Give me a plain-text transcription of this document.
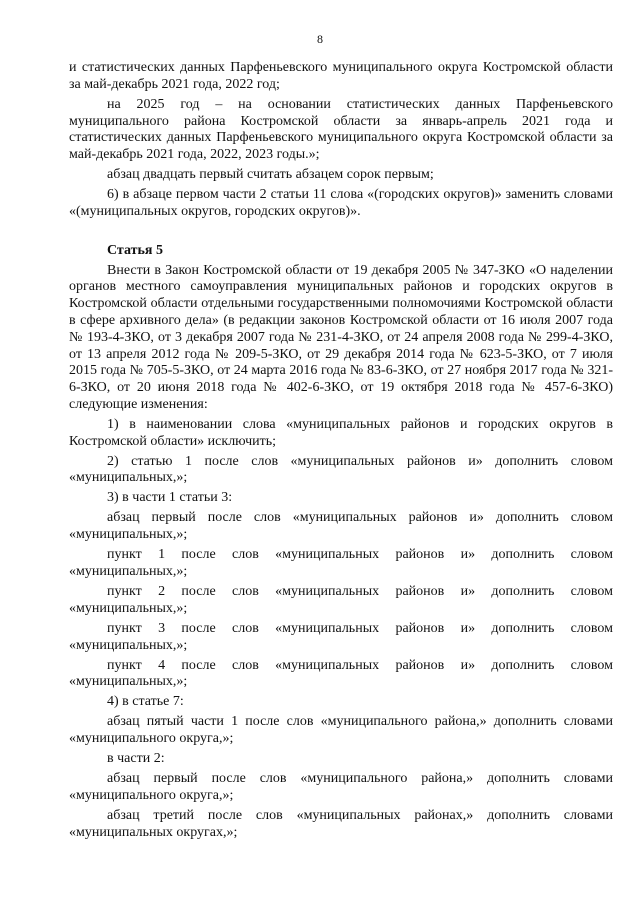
8

и статистических данных Парфеньевского муниципального округа Костромской области за май-декабрь 2021 года, 2022 год;

на 2025 год – на основании статистических данных Парфеньевского муниципального района Костромской области за январь-апрель 2021 года и статистических данных Парфеньевского муниципального округа Костромской области за май-декабрь 2021 года, 2022, 2023 годы.»;

абзац двадцать первый считать абзацем сорок первым;

6) в абзаце первом части 2 статьи 11 слова «(городских округов)» заменить словами «(муниципальных округов, городских округов)».

Статья 5

Внести в Закон Костромской области от 19 декабря 2005 № 347-ЗКО «О наделении органов местного самоуправления муниципальных районов и городских округов в Костромской области отдельными государственными полномочиями Костромской области в сфере архивного дела» (в редакции законов Костромской области от 16 июля 2007 года № 193-4-ЗКО, от 3 декабря 2007 года № 231-4-ЗКО, от 24 апреля 2008 года № 299-4-ЗКО, от 13 апреля 2012 года № 209-5-ЗКО, от 29 декабря 2014 года № 623-5-ЗКО, от 7 июля 2015 года № 705-5-ЗКО, от 24 марта 2016 года № 83-6-ЗКО, от 27 ноября 2017 года № 321-6-ЗКО, от 20 июня 2018 года № 402-6-ЗКО, от 19 октября 2018 года № 457-6-ЗКО) следующие изменения:

1) в наименовании слова «муниципальных районов и городских округов в Костромской области» исключить;

2) статью 1 после слов «муниципальных районов и» дополнить словом «муниципальных,»;

3) в части 1 статьи 3:

абзац первый после слов «муниципальных районов и» дополнить словом «муниципальных,»;

пункт 1 после слов «муниципальных районов и» дополнить словом «муниципальных,»;

пункт 2 после слов «муниципальных районов и» дополнить словом «муниципальных,»;

пункт 3 после слов «муниципальных районов и» дополнить словом «муниципальных,»;

пункт 4 после слов «муниципальных районов и» дополнить словом «муниципальных,»;

4) в статье 7:

абзац пятый части 1 после слов «муниципального района,» дополнить словами «муниципального округа,»;

в части 2:

абзац первый после слов «муниципального района,» дополнить словами «муниципального округа,»;

абзац третий после слов «муниципальных районах,» дополнить словами «муниципальных округах,»;
